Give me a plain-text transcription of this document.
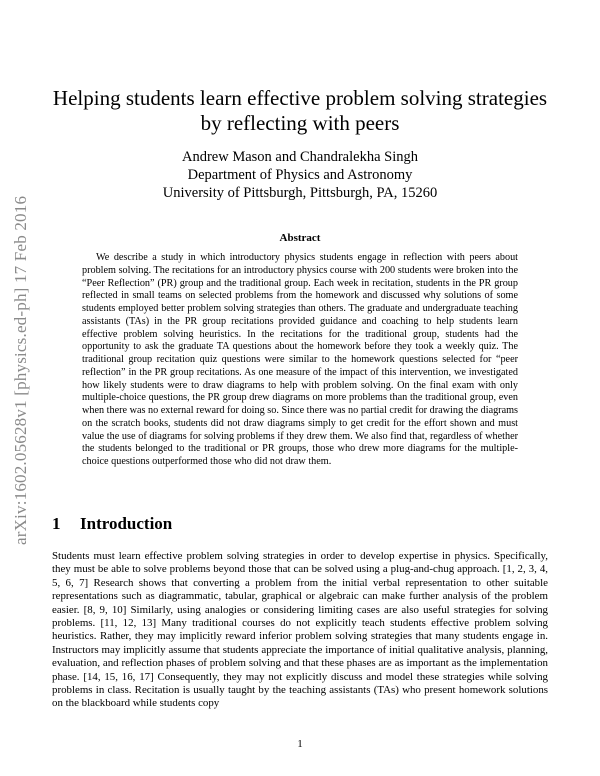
arXiv:1602.05628v1 [physics.ed-ph] 17 Feb 2016
Helping students learn effective problem solving strategies by reflecting with peers
Andrew Mason and Chandralekha Singh
Department of Physics and Astronomy
University of Pittsburgh, Pittsburgh, PA, 15260
Abstract

We describe a study in which introductory physics students engage in reflection with peers about problem solving. The recitations for an introductory physics course with 200 students were broken into the “Peer Reflection” (PR) group and the traditional group. Each week in recitation, students in the PR group reflected in small teams on selected problems from the homework and discussed why solutions of some students employed better problem solving strategies than others. The graduate and undergraduate teaching assistants (TAs) in the PR group recitations provided guidance and coaching to help students learn effective problem solving heuristics. In the recitations for the traditional group, students had the opportunity to ask the graduate TA questions about the homework before they took a weekly quiz. The traditional group recitation quiz questions were similar to the homework questions selected for “peer reflection” in the PR group recitations. As one measure of the impact of this intervention, we investigated how likely students were to draw diagrams to help with problem solving. On the final exam with only multiple-choice questions, the PR group drew diagrams on more problems than the traditional group, even when there was no external reward for doing so. Since there was no partial credit for drawing the diagrams on the scratch books, students did not draw diagrams simply to get credit for the effort shown and must value the use of diagrams for solving problems if they drew them. We also find that, regardless of whether the students belonged to the traditional or PR groups, those who drew more diagrams for the multiple-choice questions outperformed those who did not draw them.

1 Introduction

Students must learn effective problem solving strategies in order to develop expertise in physics. Specifically, they must be able to solve problems beyond those that can be solved using a plug-and-chug approach. [1, 2, 3, 4, 5, 6, 7] Research shows that converting a problem from the initial verbal representation to other suitable representations such as diagrammatic, tabular, graphical or algebraic can make further analysis of the problem easier. [8, 9, 10] Similarly, using analogies or considering limiting cases are also useful strategies for solving problems. [11, 12, 13] Many traditional courses do not explicitly teach students effective problem solving heuristics. Rather, they may implicitly reward inferior problem solving strategies that many students engage in. Instructors may implicitly assume that students appreciate the importance of initial qualitative analysis, planning, evaluation, and reflection phases of problem solving and that these phases are as important as the implementation phase. [14, 15, 16, 17] Consequently, they may not explicitly discuss and model these strategies while solving problems in class. Recitation is usually taught by the teaching assistants (TAs) who present homework solutions on the blackboard while students copy

1
